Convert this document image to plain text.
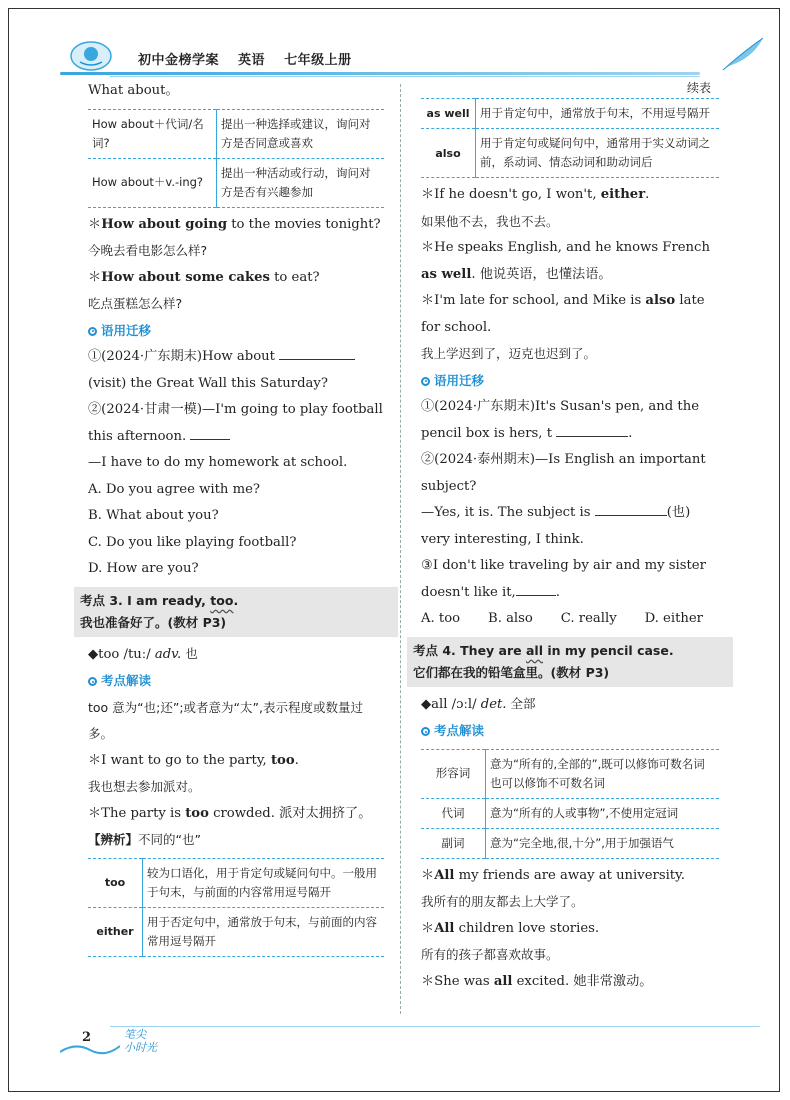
初中金榜学案 英语 七年级上册

What about。

How about＋代词/名词?	提出一种选择或建议，询问对方是否同意或喜欢
How about＋v.-ing?	提出一种活动或行动，询问对方是否有兴趣参加

＊How about going to the movies tonight?

今晚去看电影怎么样?

＊How about some cakes to eat?

吃点蛋糕怎么样?

语用迁移

①(2024·广东期末)How about

(visit) the Great Wall this Saturday?

②(2024·甘肃一模)—I'm going to play football this afternoon.

—I have to do my homework at school.

A. Do you agree with me?

B. What about you?

C. Do you like playing football?

D. How are you?

考点 3. I am ready, too.
我也准备好了。(教材 P3)

◆too /tuː/ adv. 也

考点解读

too 意为“也;还”;或者意为“太”,表示程度或数量过多。

＊I want to go to the party, too.

我也想去参加派对。

＊The party is too crowded. 派对太拥挤了。

【辨析】不同的“也”

too	较为口语化，用于肯定句或疑问句中。一般用于句末，与前面的内容常用逗号隔开
either	用于否定句中，通常放于句末，与前面的内容常用逗号隔开
续表
as well	用于肯定句中，通常放于句末，不用逗号隔开
also	用于肯定句或疑问句中，通常用于实义动词之前，系动词、情态动词和助动词后

＊If he doesn't go, I won't, either.

如果他不去，我也不去。

＊He speaks English, and he knows French as well. 他说英语，也懂法语。

＊I'm late for school, and Mike is also late for school.

我上学迟到了，迈克也迟到了。

语用迁移

①(2024·广东期末)It's Susan's pen, and the pencil box is hers, t	.

②(2024·泰州期末)—Is English an important subject?

—Yes, it is. The subject is	(也) very interesting, I think.

③I don't like traveling by air and my sister doesn't like it,	.

A. too B. also C. really D. either

考点 4. They are all in my pencil case.
它们都在我的铅笔盒里。(教材 P3)

◆all /ɔːl/ det. 全部

考点解读

形容词	意为“所有的,全部的”,既可以修饰可数名词也可以修饰不可数名词
代词	意为“所有的人或事物”,不使用定冠词
副词	意为“完全地,很,十分”,用于加强语气

＊All my friends are away at university.

我所有的朋友都去上大学了。

＊All children love stories.

所有的孩子都喜欢故事。

＊She was all excited. 她非常激动。

2	笔尖
小时光
